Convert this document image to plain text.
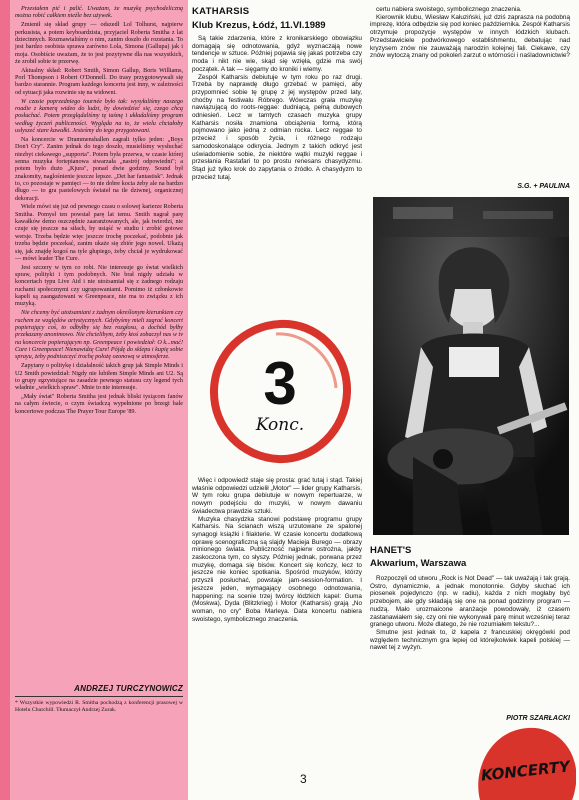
Przestałem pić i palić. Uważam, że muzykę psychodeliczną można robić całkiem nieźle bez używek.

Zmienił się skład grupy — odszedł Lol Tolhurst, najpierw perkusista, a potem keyboardzista, przyjaciel Roberta Smitha z lat dziecinnych. Rozmawialiśmy o nim, zanim doszło do rozstania. To jest bardzo osobista sprawa zarówno Lola, Simona (Gallupa) jak i moja. Osobiście uważam, że to jest pozytywne dla nas wszystkich, że zrobił sobie te przerwę.

Aktualny skład: Robert Smith, Simon Gallup, Boris Williams, Porl Thompson i Robert O'Donnell. Do trasy przygotowywali się bardzo starannie. Program każdego koncertu jest inny, w zależności od sytuacji jaka rozwinie się na widowni.

W czasie poprzedniego tournée było tak: wysyłaliśmy naszego roadie z kamerą wideo do ludzi, by dowiedzieć się, czego chcą posłuchać. Potem przeglądaliśmy tę taśmę i układaliśmy program według życzeń publiczności. Wygląda na to, że wielu chciałoby usłyszeć stare kawałki. Jesteśmy do tego przygotowani.

Na koncercie w Drammenshallen zagrali tylko jeden: „Boys Don't Cry". Zanim jednak do tego doszło, musieliśmy wysłuchać niezbyt ciekawego „supporta". Potem była przerwa, w czasie której senna muzyka fortepianowa stwarzała „nastrój odpowiedni"; a potem było dużo „Kjura", ponad dwie godziny. Sound był znakomity, naglośnienie jeszcze lepsze. „Det har fantastisk". Jednak to, co pozostaje w pamięci — to nie dobre kocia żeby ale na bardzo długo — to gra pastelowych świateł na tle dziwnej, organicznej dekoracji.

Wiele mówi się już od pewnego czasu o solowej karierze Roberta Smitha. Pomysł ten powstał parę lat temu. Smith nagrał parę kawałków demo oszczędnie zaaranżowanych, ale, jak twierdzi, nie czuje się jeszcze na siłach, by usiąść w studiu i zrobić gotowe wersje. Trzeba będzie więc jeszcze trochę poczekać, podobnie jak trzeba będzie poczekać, zanim ukaże się zbiór jego nowel. Ukażą się, jak znajdę kogoś na tyle głupiego, żeby chciał je wydrukować — mówi leader The Cure.

Jest szczery w tym co robi. Nie interesuje go świat wielkich spraw, polityki i tym podobnych. Nie brał nigdy udziału w koncertach typu Live Aid i nie utożsamiał się z żadnego rodzaju ruchami społecznymi czy ugrupowaniami. Pomimo iż członkowie kapeli są zaangażowani w Greenpeace, nie ma to związku z ich muzyką.

Nie chcemy być utożsamiani z żadnym określonym kierunkiem czy ruchem ze względów artystycznych. Gdybyśmy mieli zagrać koncert popierający coś, to odbyłby się bez rozgłosu, a dochód byłby przekazany anonimowo. Nie chcielibym, żeby ktoś zobaczył nas w tv na koncercie popierającym np. Greenpeace i powiedział: O k...mać! Cure i Greenpeace! Nienawidzę Cure! Pójdę do sklepu i kupię sobie sprayu, żeby podniszczyć trochę położę ozonową w atmosferze.

Zapytany o politykę i działalność takich grup jak Simple Minds i U2 Smith powiedział: Nigdy nie lubiłem Simple Minds ani U2. Są to grupy egzystujące na zasadzie pewnego statusu czy legend tych władnie „wielkich spraw". Mnie to nie interesuje.

„Mały świat" Roberta Smitha jest jednak bliski tysiącom fanów na całym świecie, o czym świadczą wypełnione po brzegi hale koncertowe podczas The Prayer Tour Europe '89.

ANDRZEJ TURCZYNOWICZ
* Wszystkie wypowiedzi R. Smitha pochodzą z konferencji prasowej w Hotelu Churchill. Tłumaczył Andrzej Zurak.
KATHARSIS
Klub Krezus, Łódź, 11.VI.1989

Są takie zdarzenia, które z kronikarskiego obowiązku domagają się odnotowania, gdyż wyznaczają nowe tendencje w sztuce. Później pojawia się jakaś potrzeba czy moda i nikt nie wie, skąd się wzięła, gdzie ma swój początek. A tak — sięgamy do kroniki i wiemy.

Zespół Katharsis debiutuje w tym roku po raz drugi. Trzeba by naprawdę długo grzebać w pamięci, aby przypomnieć sobie tę grupę z jej występów przed laty, choćby na festiwalu Róbrego. Wówczas grała muzykę nawiązującą do roots-reggae: dudniącą, pełną dubowych odniesień. Lecz w tamtych czasach muzyka grupy Katharsis nosiła znamiona obciążenia formą, którą pojmowano jako jedną z odmian rocka. Lecz reggae to przecież i sposób życia, i różnego rodzaju samodoskonalące odkrycia. Jednym z takich odkryć jest uświadomienie sobie, że niektóre wątki muzyki reggae i przesłania Rastafari to po prostu renesans chasydyzmu. Stąd już tylko krok do zapytania o źródło. A chasydyzm to przecież tutaj.

Więc i odpowiedź staje się prosta: grać tutaj i stąd. Takiej właśnie odpowiedzi udzielił „Motor" — lider grupy Katharsis. W tym roku grupa debiutuje w nowym repertuarze, w nowym podejściu do muzyki, w nowym dawaniu świadectwa prawdzie sztuki.

Muzyka chasydzka stanowi podstawę programu grupy Katharsis. Na ścianach wiszą urzutowane ze spalonej synagogi książki i filakterie. W czasie koncertu dodatkową oprawę scenograficzną są slajdy Macieja Burego — obrazy minionego świata. Publiczność najpierw ostrożna, jakby zaskoczona tym, co słyszy. Później jednak, porwana przez muzykę, domaga się bisów. Koncert się kończy, lecz to jeszcze nie koniec spotkania. Spośród muzyków, którzy przyszli posłuchać, powstaje jam-session-formation. I jeszcze jeden, wymagający osobnego odnotowania, happening: na scenie trzej twórcy łódzkich kapel: Guma (Moskwa), Dyda (Blitzkrieg) i Motor (Katharsis) grają „No woman, no cry" Boba Marleya. Data koncertu nabiera swoistego, symbolicznego znaczenia.

3
Konc.

certu nabiera swoistego, symbolicznego znaczenia.

Kierownik klubu, Wiesław Kałuziński, już dziś zaprasza na podobną imprezę, która odbędzie się pod koniec października. Zespół Katharsis otrzymuje propozycje występów w innych łódzkich klubach. Przedstawiciele podwórkowego establishmentu, debatując nad kryzysem znów nie zauważają narodzin kolejnej fali. Ciekawe, czy znów wytoczą znany od pokoleń zarzut o wtórności i naśladownictwie?

S.G. + PAULINA
HANET'S
Akwarium, Warszawa

Rozpoczęli od utworu „Rock is Not Dead" — tak uważają i tak grają. Ostro, dynamicznie, a jednak monotonnie. Gdyby słuchać ich piosenek pojedynczo (np. w radiu), każda z nich mogłaby być przebojem, ale gdy składają się one na ponad godzinny program — nudzą. Mało urozmaicone aranżacje powodowały, iż czasem zastanawiałem się, czy oni nie wykonywali parę minut wcześniej teraz granego utworu. Może dlatego, że nie rozumiałem tekstu?...

Smutne jest jednak to, iż kapela z francuskiej okręgówki pod względem technicznym gra lepiej od którejkolwiek kapeli polskiej — nawet tej z wyżyn.

PIOTR SZARŁACKI
3	KONCERTY
